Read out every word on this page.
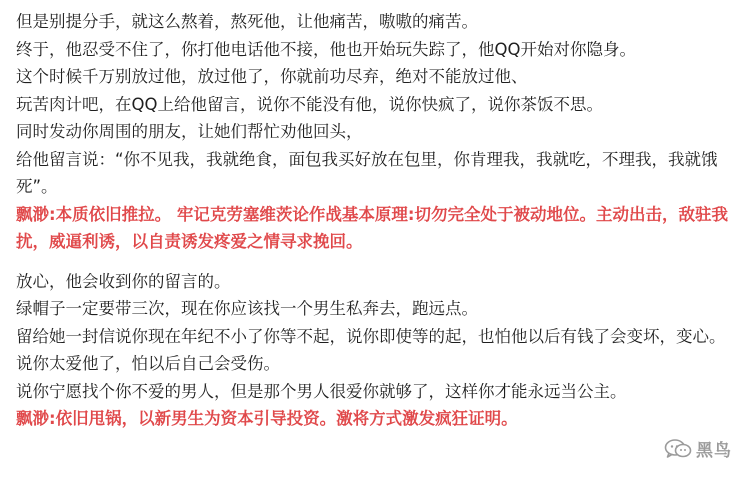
但是别提分手，就这么熬着，熬死他，让他痛苦，嗷嗷的痛苦。
终于，他忍受不住了，你打他电话他不接，他也开始玩失踪了，他QQ开始对你隐身。
这个时候千万别放过他，放过他了，你就前功尽弃，绝对不能放过他、
玩苦肉计吧，在QQ上给他留言，说你不能没有他，说你快疯了，说你茶饭不思。
同时发动你周围的朋友，让她们帮忙劝他回头，
给他留言说：“你不见我，我就绝食，面包我买好放在包里，你肯理我，我就吃，不理我，我就饿死”。
飘渺:本质依旧推拉。 牢记克劳塞维茨论作战基本原理:切勿完全处于被动地位。主动出击，敌驻我扰，威逼利诱，以自责诱发疼爱之情寻求挽回。
放心，他会收到你的留言的。
绿帽子一定要带三次，现在你应该找一个男生私奔去，跑远点。
留给她一封信说你现在年纪不小了你等不起，说你即使等的起，也怕他以后有钱了会变坏，变心。
说你太爱他了，怕以后自己会受伤。
说你宁愿找个你不爱的男人，但是那个男人很爱你就够了，这样你才能永远当公主。
飘渺:依旧甩锅，以新男生为资本引导投资。激将方式激发疯狂证明。
黑鸟
